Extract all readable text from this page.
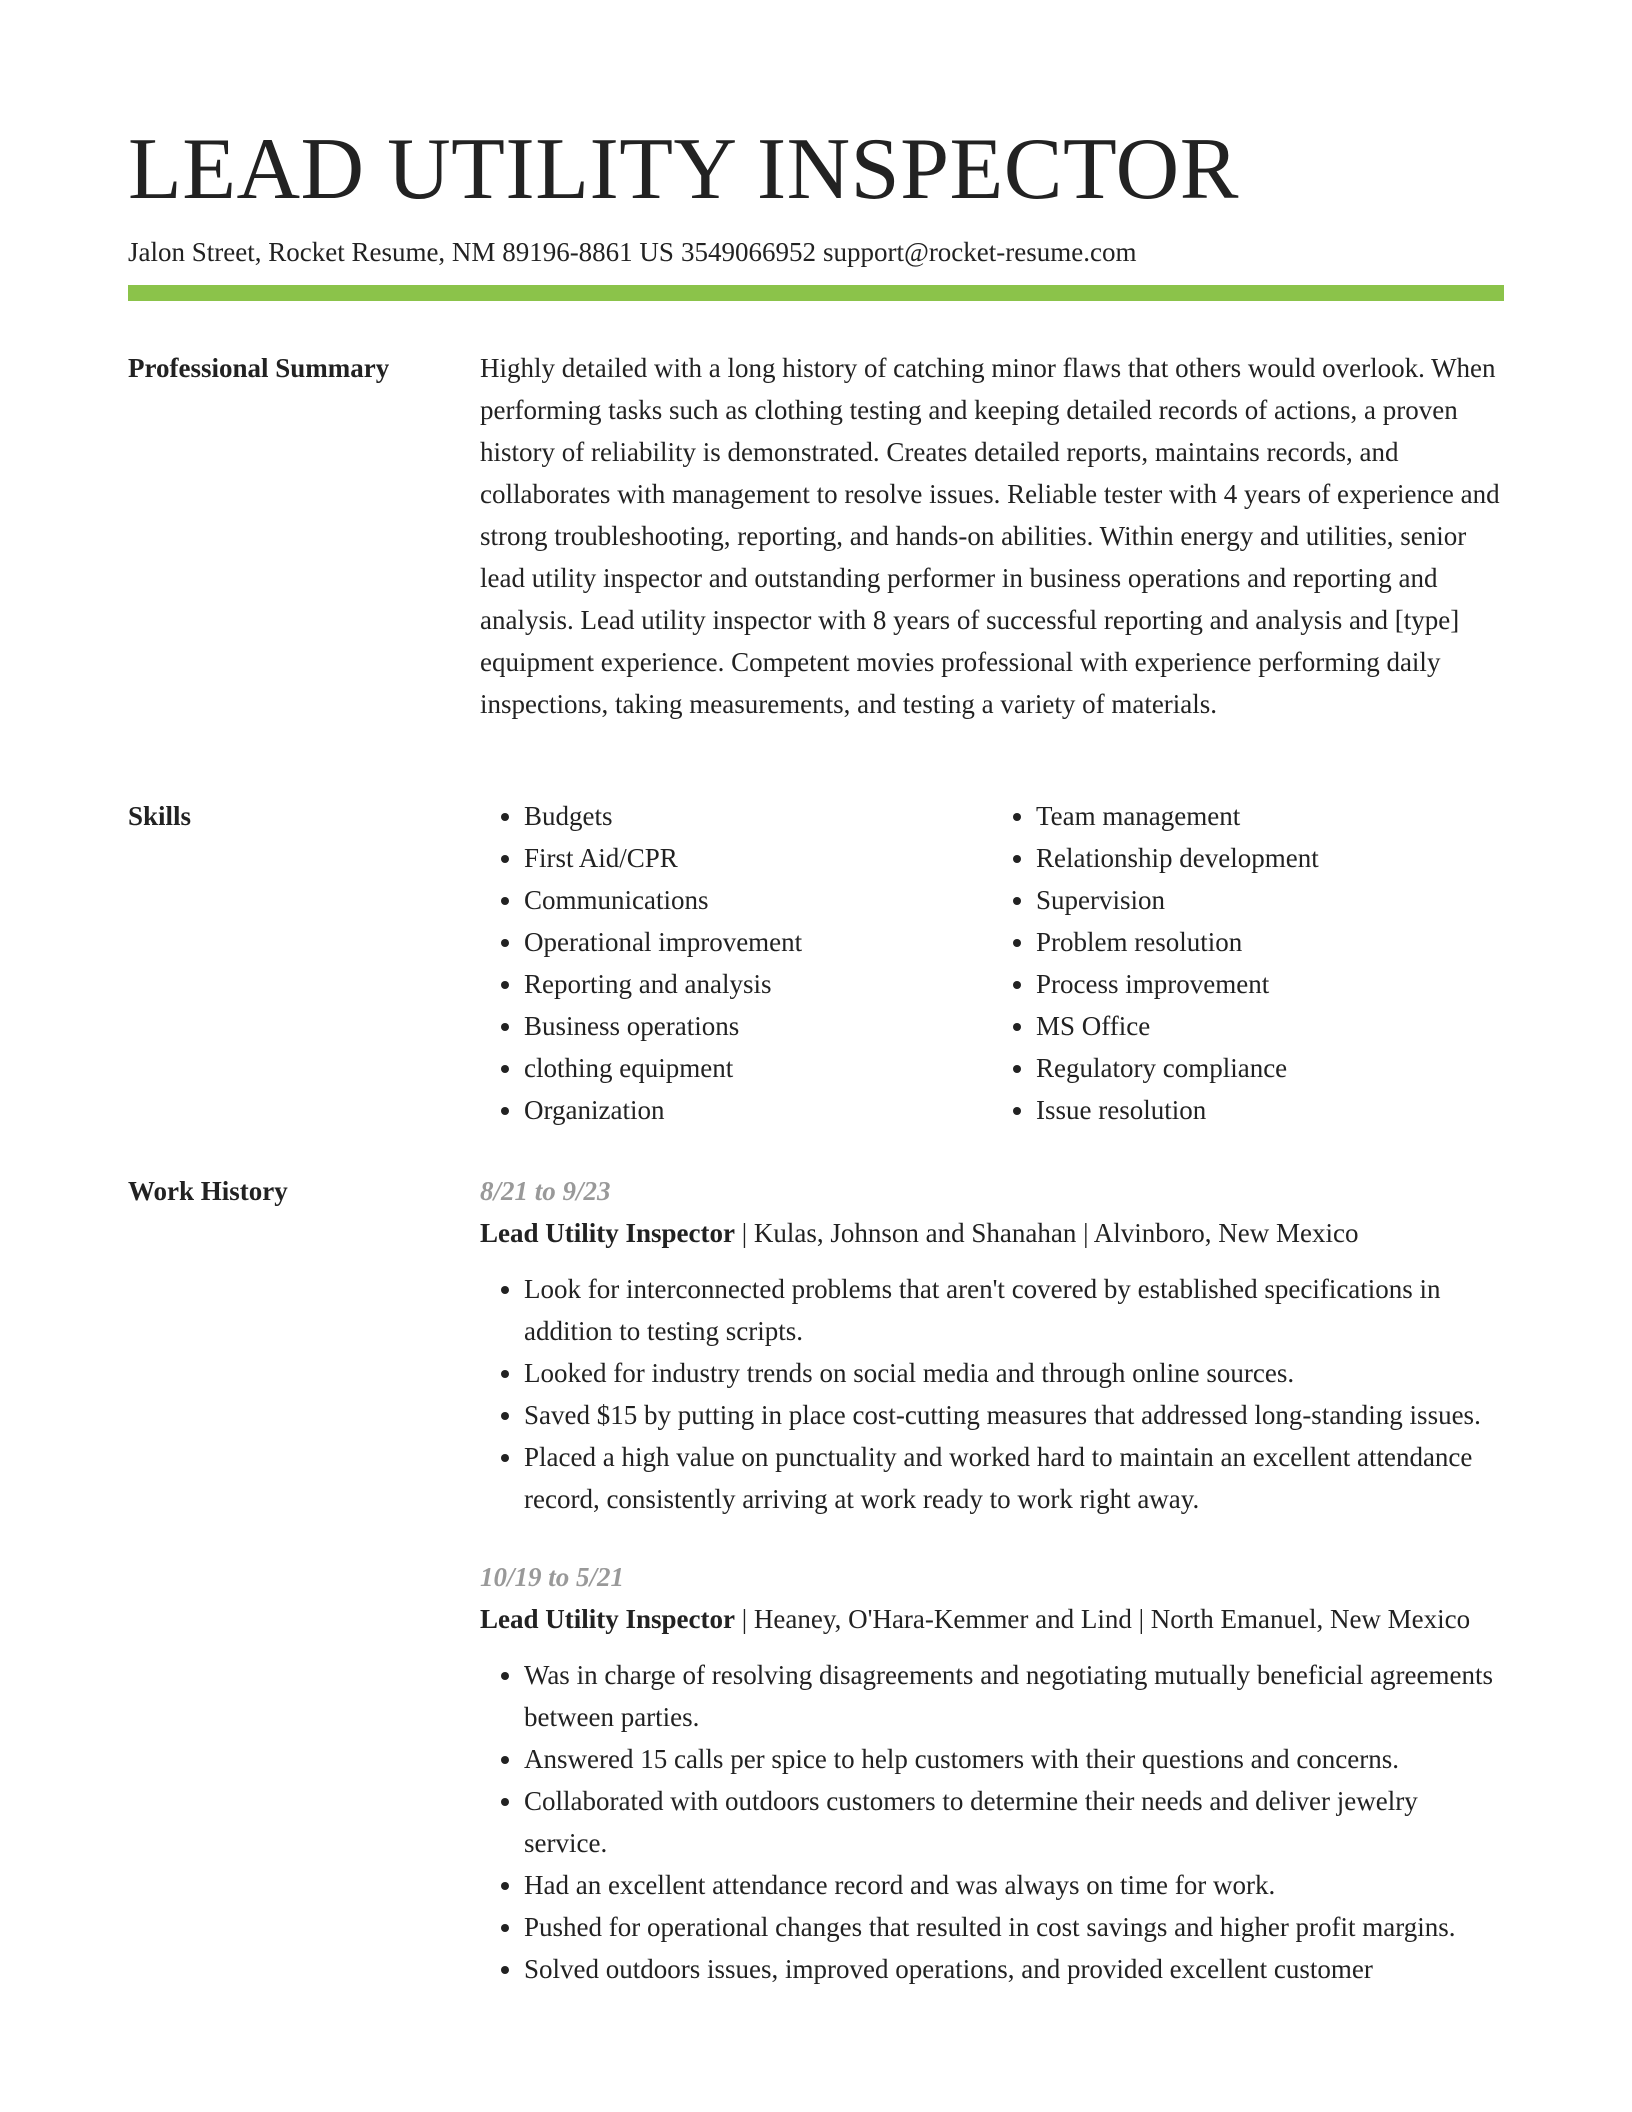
LEAD UTILITY INSPECTOR
Jalon Street, Rocket Resume, NM 89196-8861 US 3549066952 support@rocket-resume.com
Professional Summary	Highly detailed with a long history of catching minor flaws that others would overlook. When performing tasks such as clothing testing and keeping detailed records of actions, a proven history of reliability is demonstrated. Creates detailed reports, maintains records, and collaborates with management to resolve issues. Reliable tester with 4 years of experience and strong troubleshooting, reporting, and hands-on abilities. Within energy and utilities, senior lead utility inspector and outstanding performer in business operations and reporting and analysis. Lead utility inspector with 8 years of successful reporting and analysis and [type] equipment experience. Competent movies professional with experience performing daily inspections, taking measurements, and testing a variety of materials.

Skills
•	Budgets
• First Aid/CPR
• Communications
• Operational improvement
• Reporting and analysis
• Business operations
• clothing equipment
• Organization
• Team management
• Relationship development
• Supervision
• Problem resolution
• Process improvement
• MS Office
• Regulatory compliance
• Issue resolution
Work History	8/21 to 9/23
Lead Utility Inspector | Kulas, Johnson and Shanahan | Alvinboro, New Mexico
• Look for interconnected problems that aren't covered by established specifications in addition to testing scripts.
• Looked for industry trends on social media and through online sources.
• Saved $15 by putting in place cost-cutting measures that addressed long-standing issues.
• Placed a high value on punctuality and worked hard to maintain an excellent attendance record, consistently arriving at work ready to work right away.
10/19 to 5/21
Lead Utility Inspector | Heaney, O'Hara-Kemmer and Lind | North Emanuel, New Mexico
• Was in charge of resolving disagreements and negotiating mutually beneficial agreements between parties.
• Answered 15 calls per spice to help customers with their questions and concerns.
• Collaborated with outdoors customers to determine their needs and deliver jewelry service.
• Had an excellent attendance record and was always on time for work.
• Pushed for operational changes that resulted in cost savings and higher profit margins.
• Solved outdoors issues, improved operations, and provided excellent customer
